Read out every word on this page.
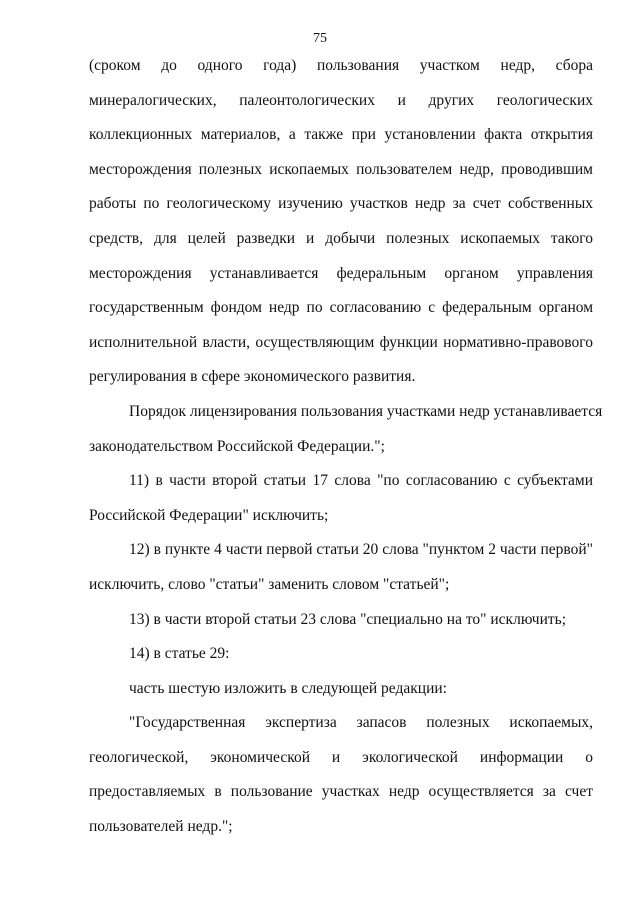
75
(сроком до одного года) пользования участком недр, сбора
минералогических, палеонтологических и других геологических
коллекционных материалов, а также при установлении факта открытия
месторождения полезных ископаемых пользователем недр, проводившим
работы по геологическому изучению участков недр за счет собственных
средств, для целей разведки и добычи полезных ископаемых такого
месторождения устанавливается федеральным органом управления
государственным фондом недр по согласованию с федеральным органом
исполнительной власти, осуществляющим функции нормативно-правового
регулирования в сфере экономического развития.
Порядок лицензирования пользования участками недр устанавливается
законодательством Российской Федерации.";
11) в части второй статьи 17 слова "по согласованию с субъектами
Российской Федерации" исключить;
12) в пункте 4 части первой статьи 20 слова "пунктом 2 части первой"
исключить, слово "статьи" заменить словом "статьей";
13) в части второй статьи 23 слова "специально на то" исключить;
14) в статье 29:
часть шестую изложить в следующей редакции:
"Государственная экспертиза запасов полезных ископаемых,
геологической, экономической и экологической информации о
предоставляемых в пользование участках недр осуществляется за счет
пользователей недр.";
